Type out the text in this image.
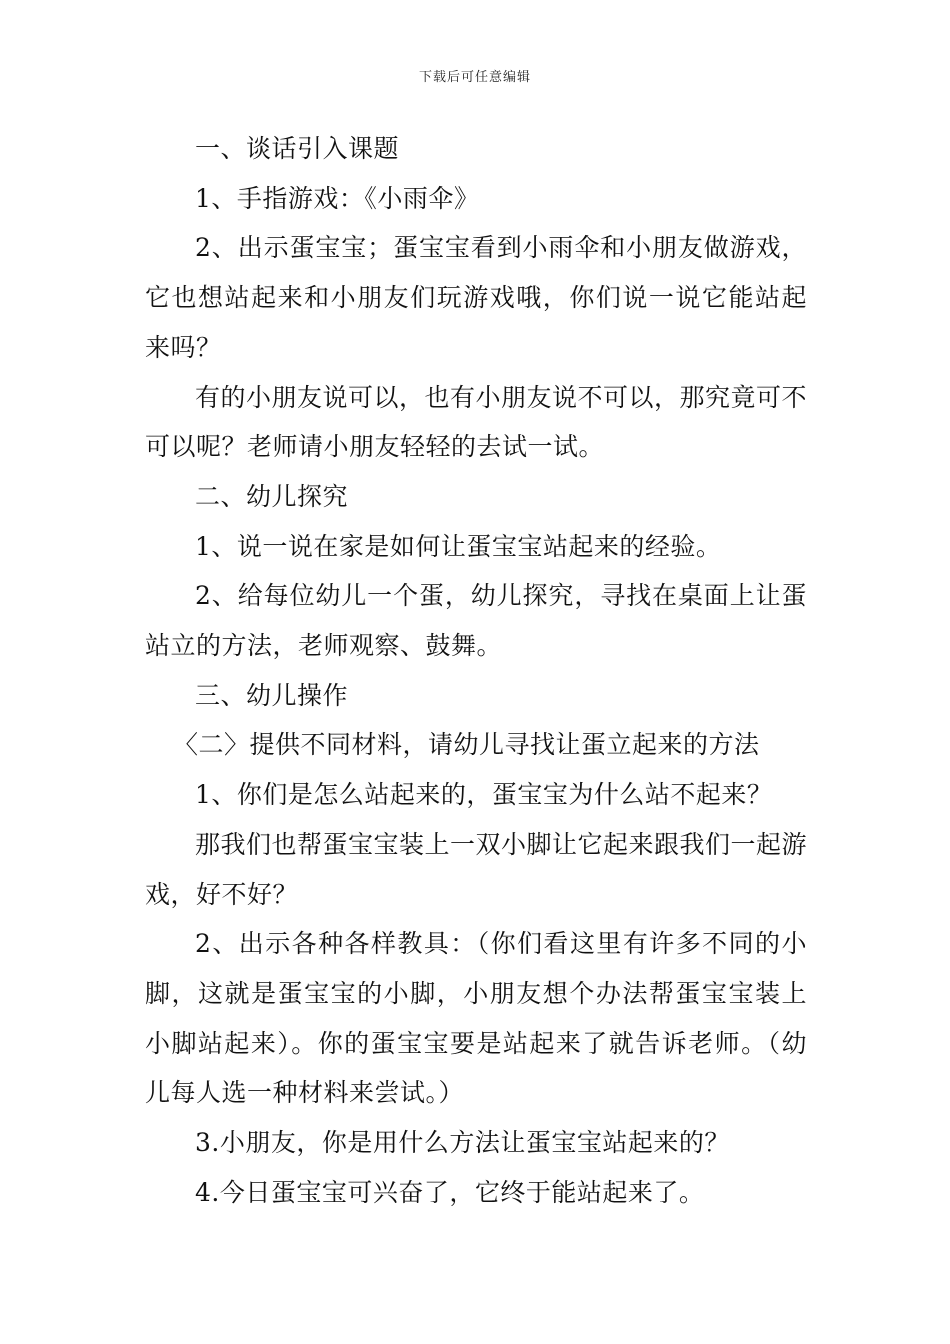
下载后可任意编辑

一、谈话引入课题

1、手指游戏：《小雨伞》

2、出示蛋宝宝；蛋宝宝看到小雨伞和小朋友做游戏，它也想站起来和小朋友们玩游戏哦，你们说一说它能站起来吗？

有的小朋友说可以，也有小朋友说不可以，那究竟可不可以呢？老师请小朋友轻轻的去试一试。

二、幼儿探究

1、说一说在家是如何让蛋宝宝站起来的经验。

2、给每位幼儿一个蛋，幼儿探究，寻找在桌面上让蛋站立的方法，老师观察、鼓舞。

三、幼儿操作

〈二〉提供不同材料，请幼儿寻找让蛋立起来的方法

1、你们是怎么站起来的，蛋宝宝为什么站不起来？

那我们也帮蛋宝宝装上一双小脚让它起来跟我们一起游戏，好不好？

2、出示各种各样教具：（你们看这里有许多不同的小脚，这就是蛋宝宝的小脚，小朋友想个办法帮蛋宝宝装上小脚站起来）。你的蛋宝宝要是站起来了就告诉老师。（幼儿每人选一种材料来尝试。）

3.小朋友，你是用什么方法让蛋宝宝站起来的？

4.今日蛋宝宝可兴奋了，它终于能站起来了。
